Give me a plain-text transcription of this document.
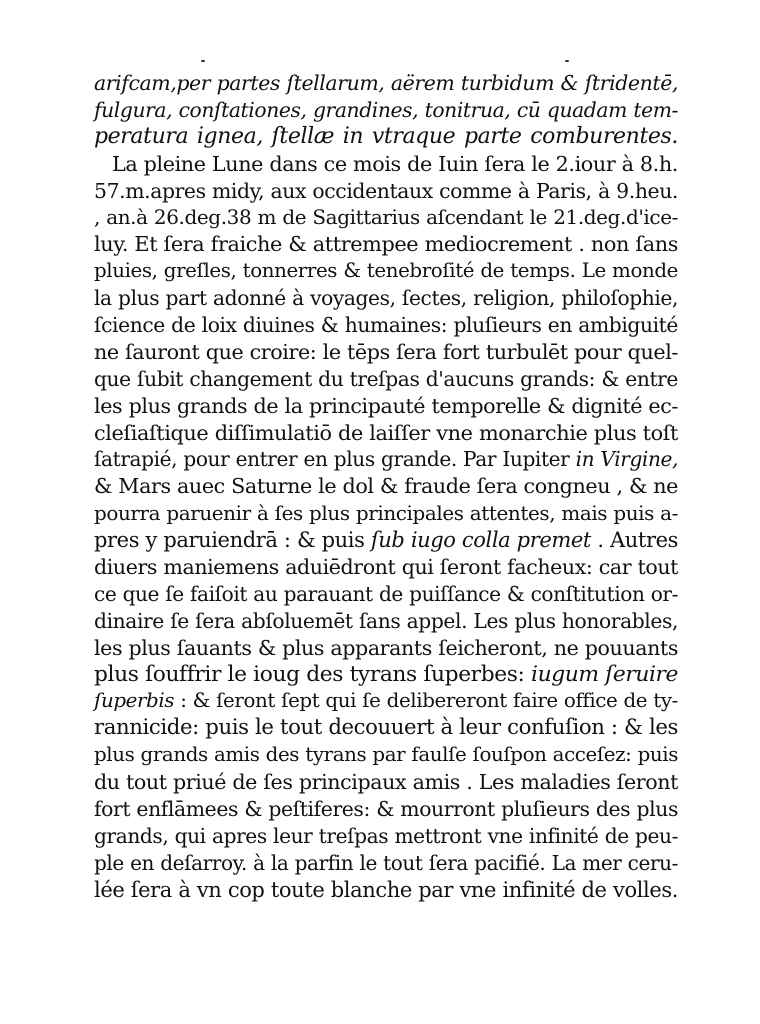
arifcam,per partes ſtellarum, aërem turbidum & ſtridentē,
fulgura, conſtationes, grandines, tonitrua, cū quadam tem-
peratura ignea, ſtellæ in vtraque parte comburentes.
La pleine Lune dans ce mois de Iuin ſera le 2.iour à 8.h.
57.m.apres midy, aux occidentaux comme à Paris, à 9.heu.
, an.à 26.deg.38 m de Sagittarius aſcendant le 21.deg.d'ice-
luy. Et ſera fraiche & attrempee mediocrement . non ſans
pluies, greſles, tonnerres & tenebroſité de temps. Le monde
la plus part adonné à voyages, ſectes, religion, philoſophie,
ſcience de loix diuines & humaines: pluſieurs en ambiguité
ne ſauront que croire: le tēps ſera fort turbulēt pour quel-
que ſubit changement du treſpas d'aucuns grands: & entre
les plus grands de la principauté temporelle & dignité ec-
cleſiaſtique diſſimulatiō de laiſſer vne monarchie plus toſt
ſatrapié, pour entrer en plus grande. Par Iupiter in Virgine,
& Mars auec Saturne le dol & fraude ſera congneu , & ne
pourra paruenir à ſes plus principales attentes, mais puis a-
pres y paruiendrā : & puis ſub iugo colla premet . Autres
diuers maniemens aduiēdront qui ſeront facheux: car tout
ce que ſe faiſoit au parauant de puiſſance & conſtitution or-
dinaire ſe ſera abſoluemēt ſans appel. Les plus honorables,
les plus ſauants & plus apparants ſeicheront, ne pouuants
plus ſouffrir le ioug des tyrans ſuperbes: iugum ſeruire
ſuperbis : & ſeront ſept qui ſe delibereront faire office de ty-
rannicide: puis le tout decouuert à leur confuſion : & les
plus grands amis des tyrans par faulſe ſouſpon acceſez: puis
du tout priué de ſes principaux amis . Les maladies ſeront
fort enflāmees & peſtiferes: & mourront pluſieurs des plus
grands, qui apres leur treſpas mettront vne infinité de peu-
ple en deſarroy. à la parfin le tout ſera pacifié. La mer ceru-
lée ſera à vn cop toute blanche par vne infinité de volles.
